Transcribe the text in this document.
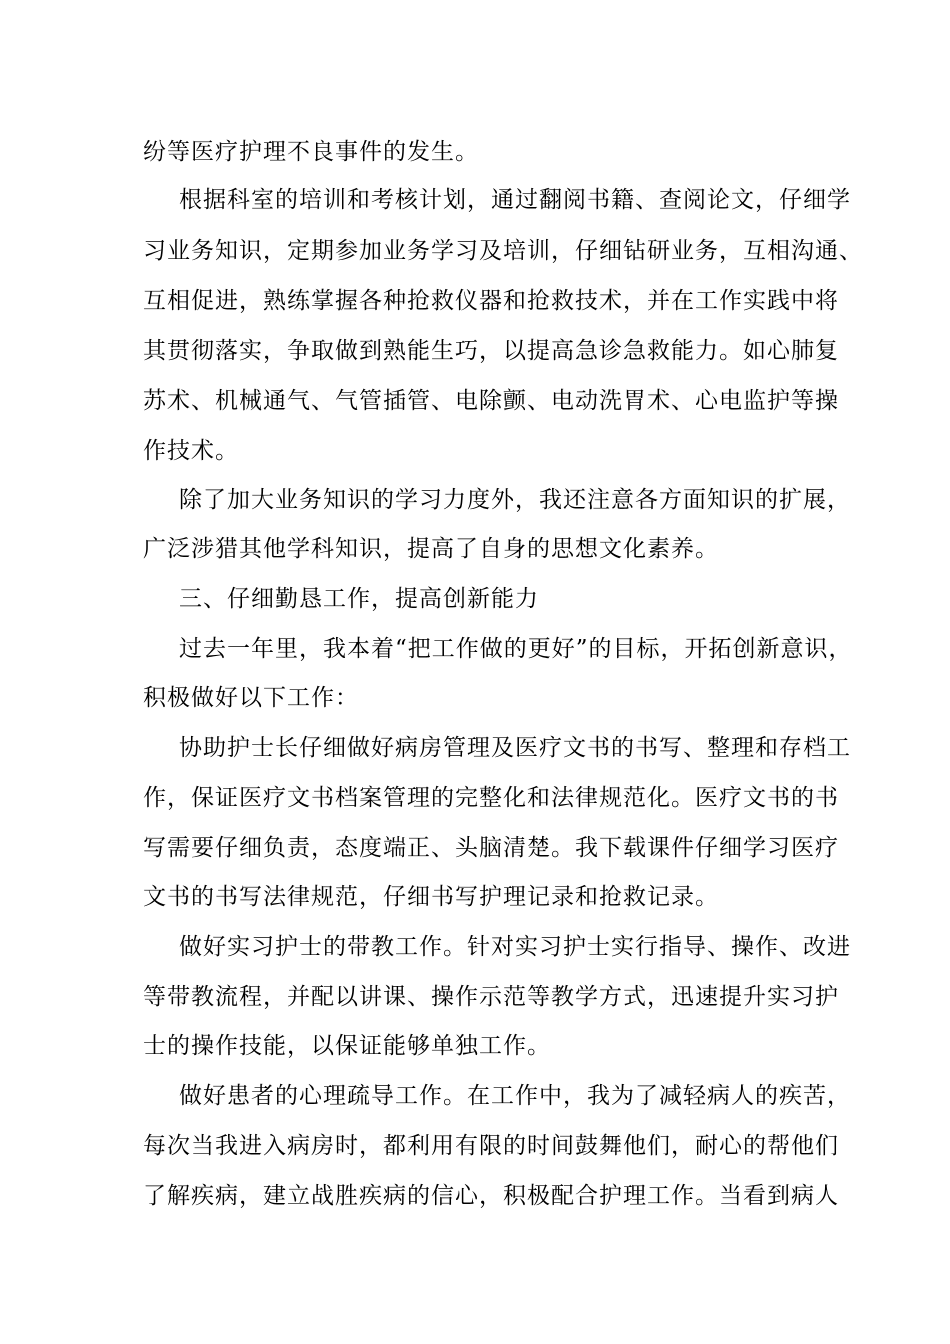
纷等医疗护理不良事件的发生。
根据科室的培训和考核计划，通过翻阅书籍、查阅论文，仔细学
习业务知识，定期参加业务学习及培训，仔细钻研业务，互相沟通、
互相促进，熟练掌握各种抢救仪器和抢救技术，并在工作实践中将
其贯彻落实，争取做到熟能生巧，以提高急诊急救能力。如心肺复
苏术、机械通气、气管插管、电除颤、电动洗胃术、心电监护等操
作技术。
除了加大业务知识的学习力度外，我还注意各方面知识的扩展，
广泛涉猎其他学科知识，提高了自身的思想文化素养。
三、仔细勤恳工作，提高创新能力
过去一年里，我本着“把工作做的更好”的目标，开拓创新意识，
积极做好以下工作：
协助护士长仔细做好病房管理及医疗文书的书写、整理和存档工
作，保证医疗文书档案管理的完整化和法律规范化。医疗文书的书
写需要仔细负责，态度端正、头脑清楚。我下载课件仔细学习医疗
文书的书写法律规范，仔细书写护理记录和抢救记录。
做好实习护士的带教工作。针对实习护士实行指导、操作、改进
等带教流程，并配以讲课、操作示范等教学方式，迅速提升实习护
士的操作技能，以保证能够单独工作。
做好患者的心理疏导工作。在工作中，我为了减轻病人的疾苦，
每次当我进入病房时，都利用有限的时间鼓舞他们，耐心的帮他们
了解疾病，建立战胜疾病的信心，积极配合护理工作。当看到病人
